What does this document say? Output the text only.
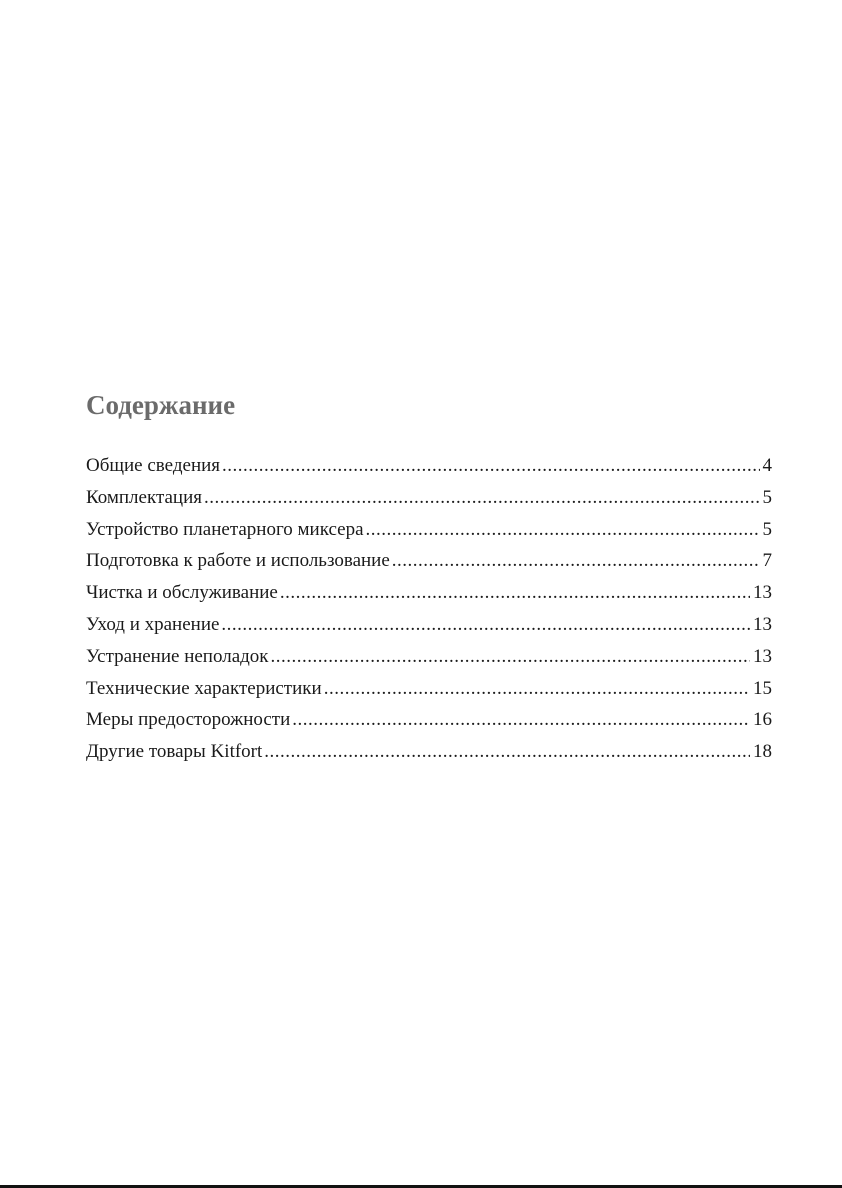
Содержание
Общие сведения .....	4
Комплектация .....	5
Устройство планетарного миксера .....	5
Подготовка к работе и использование .....	7
Чистка и обслуживание .....	13
Уход и хранение .....	13
Устранение неполадок .....	13
Технические характеристики .....	15
Меры предосторожности .....	16
Другие товары Kitfort .....	18
